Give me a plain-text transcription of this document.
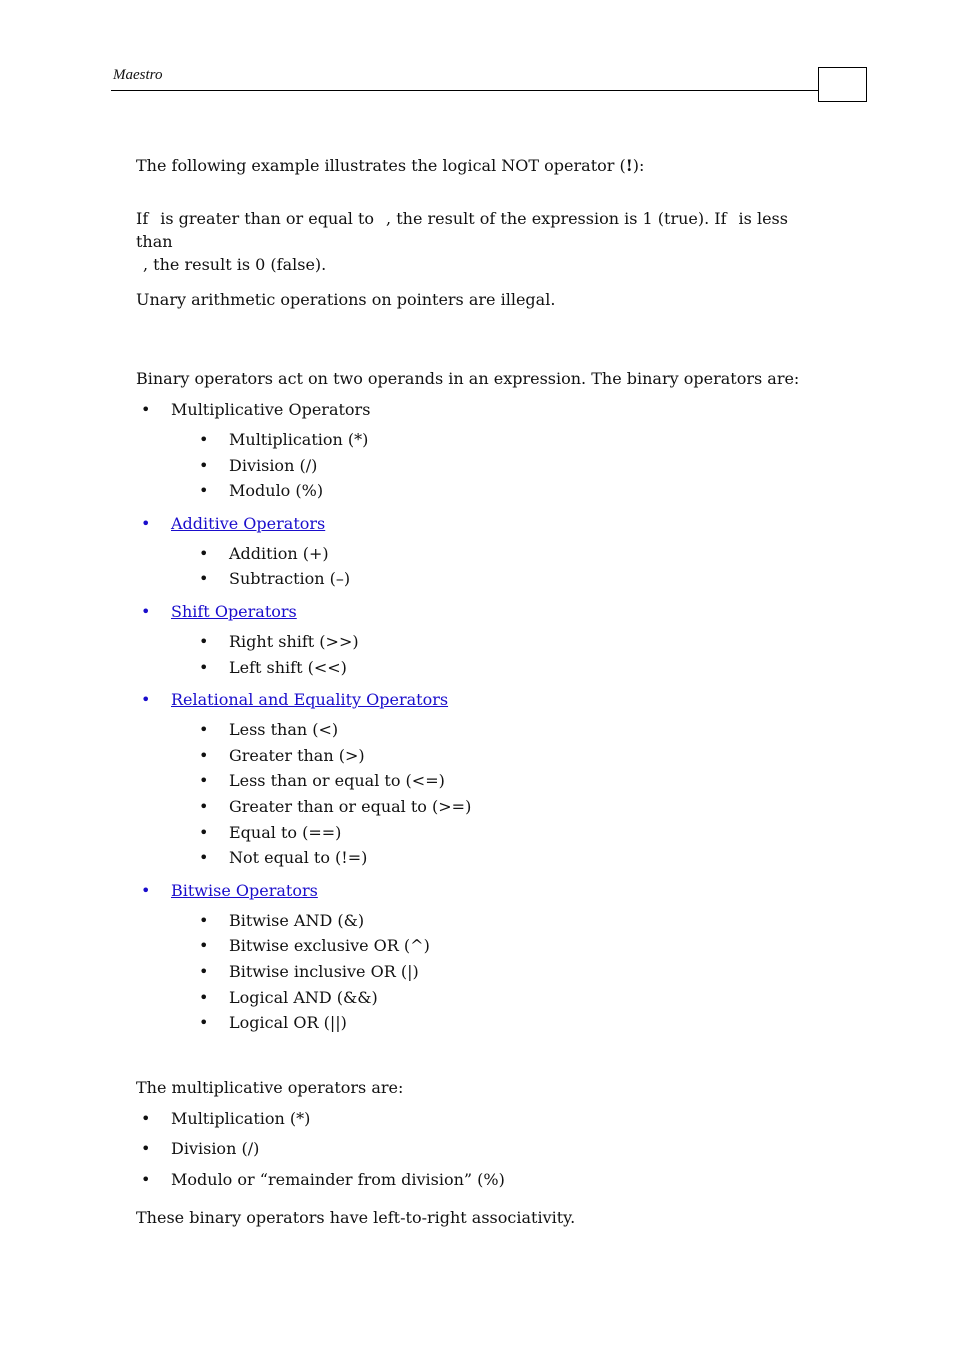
Maestro

The following example illustrates the logical NOT operator (!):

If is greater than or equal to , the result of the expression is 1 (true). If is less than
, the result is 0 (false).

Unary arithmetic operations on pointers are illegal.

Binary operators act on two operands in an expression. The binary operators are:

• Multiplicative Operators
• Multiplication (*)
• Division (/)
• Modulo (%)
• Additive Operators
• Addition (+)
• Subtraction (–)
• Shift Operators
• Right shift (>>)
• Left shift (<<)
• Relational and Equality Operators
• Less than (<)
• Greater than (>)
• Less than or equal to (<=)
• Greater than or equal to (>=)
• Equal to (==)
• Not equal to (!=)
• Bitwise Operators
• Bitwise AND (&)
• Bitwise exclusive OR (^)
• Bitwise inclusive OR (|)
• Logical AND (&&)
• Logical OR (||)

The multiplicative operators are:

• Multiplication (*)
• Division (/)
• Modulo or “remainder from division” (%)

These binary operators have left-to-right associativity.
